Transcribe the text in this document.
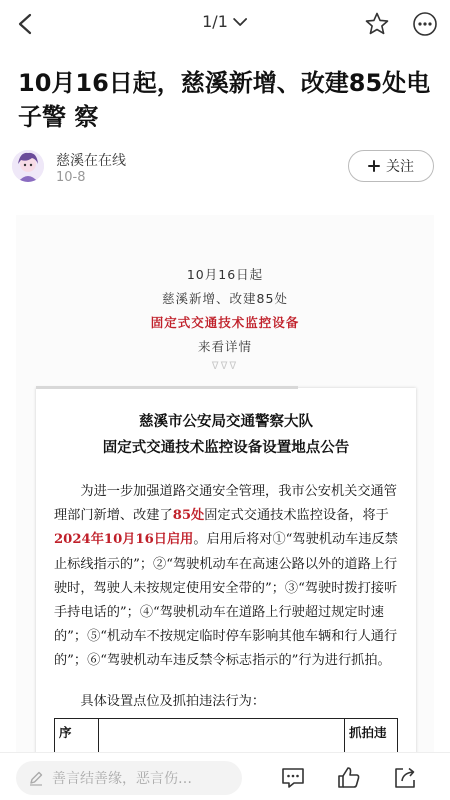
1/1
10月16日起，慈溪新增、改建85处电子警 察
慈溪在在线
10-8
关注
10月16日起
慈溪新增、改建85处
固定式交通技术监控设备
来看详情
ᐁᐁᐁ
慈溪市公安局交通警察大队
固定式交通技术监控设备设置地点公告

为进一步加强道路交通安全管理，我市公安机关交通管理部门新增、改建了85处固定式交通技术监控设备，将于2024年10月16日启用。启用后将对①“驾驶机动车违反禁止标线指示的”；②“驾驶机动车在高速公路以外的道路上行驶时，驾驶人未按规定使用安全带的”；③“驾驶时拨打接听手持电话的”；④“驾驶机动车在道路上行驶超过规定时速的”；⑤“机动车不按规定临时停车影响其他车辆和行人通行的”；⑥“驾驶机动车违反禁令标志指示的”行为进行抓拍。

具体设置点位及抓拍违法行为：
序	抓拍违
善言结善缘，恶言伤…
